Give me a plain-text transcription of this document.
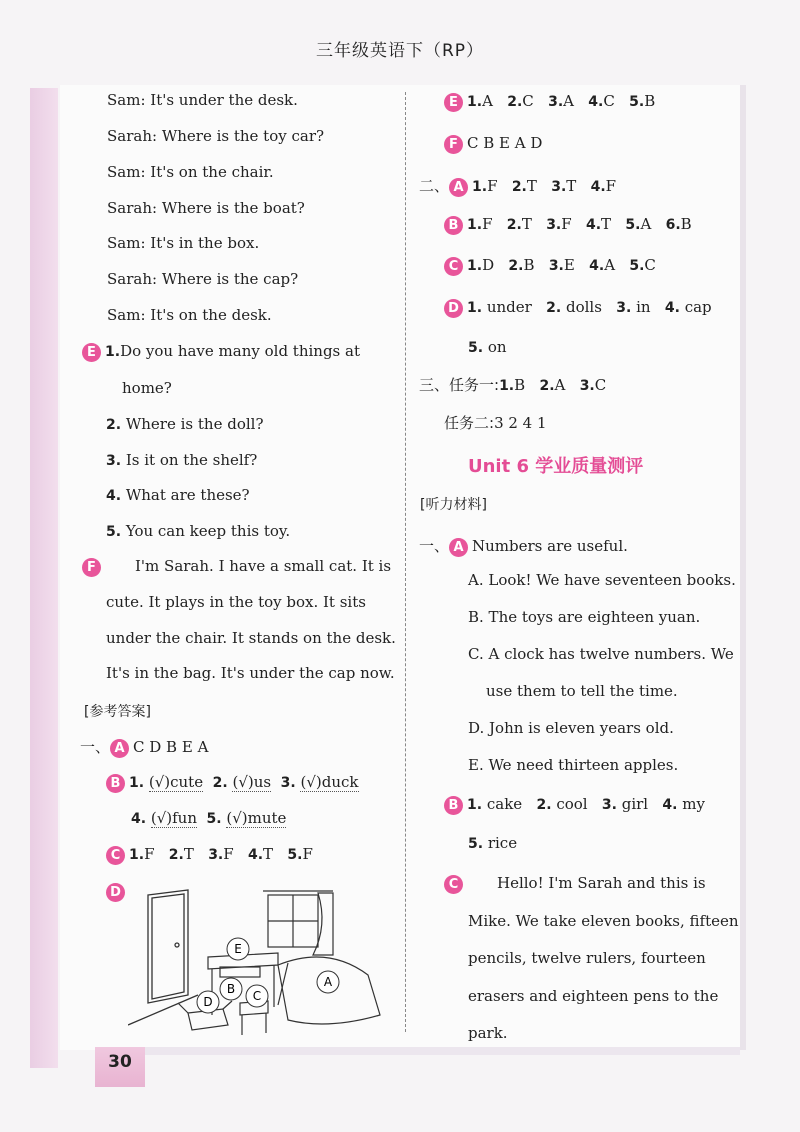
三年级英语下（RP）
Sam: It's under the desk.
Sarah: Where is the toy car?
Sam: It's on the chair.
Sarah: Where is the boat?
Sam: It's in the box.
Sarah: Where is the cap?
Sam: It's on the desk.
E 1.Do you have many old things at
home?
2. Where is the doll?
3. Is it on the shelf?
4. What are these?
5. You can keep this toy.
F	I'm Sarah. I have a small cat. It is
cute. It plays in the toy box. It sits
under the chair. It stands on the desk.
It's in the bag. It's under the cap now.
[参考答案]
一、 A C D B E A
B 1. (√)cute 2. (√)us 3. (√)duck
4. (√)fun 5. (√)mute
C 1.F 2.T 3.F 4.T 5.F
D
E
A
B C
D
E 1.A 2.C 3.A 4.C 5.B
F C B E A D
二、 A 1.F 2.T 3.T 4.F
B 1.F 2.T 3.F 4.T 5.A 6.B
C 1.D 2.B 3.E 4.A 5.C
D 1. under 2. dolls 3. in 4. cap
5. on
三、任务一:1.B 2.A 3.C
任务二:3 2 4 1
Unit 6 学业质量测评
[听力材料]
一、 A Numbers are useful.
A. Look! We have seventeen books.
B. The toys are eighteen yuan.
C. A clock has twelve numbers. We
use them to tell the time.
D. John is eleven years old.
E. We need thirteen apples.
B 1. cake 2. cool 3. girl 4. my
5. rice
C	Hello! I'm Sarah and this is
Mike. We take eleven books, fifteen
pencils, twelve rulers, fourteen
erasers and eighteen pens to the
park.
30
